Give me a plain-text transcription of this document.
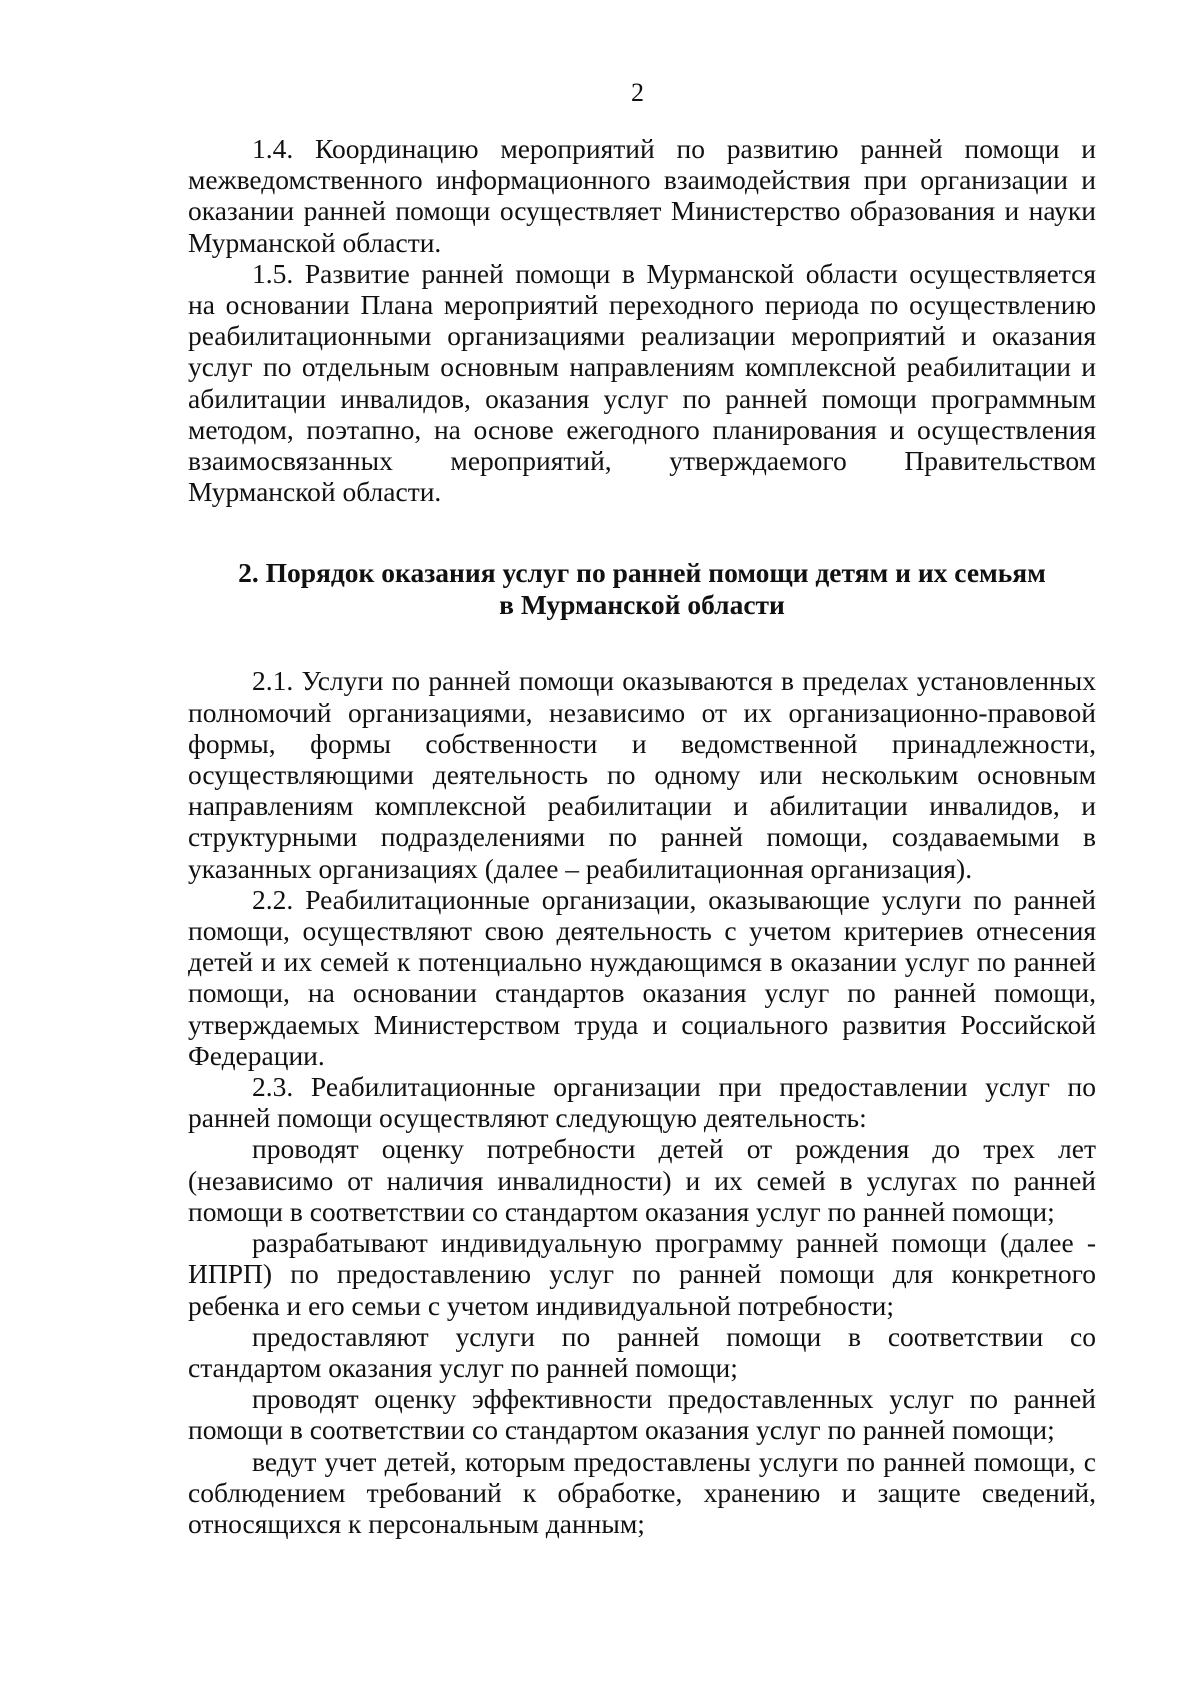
2

1.4. Координацию мероприятий по развитию ранней помощи и межведомственного информационного взаимодействия при организации и оказании ранней помощи осуществляет Министерство образования и науки Мурманской области.

1.5. Развитие ранней помощи в Мурманской области осуществляется на основании Плана мероприятий переходного периода по осуществлению реабилитационными организациями реализации мероприятий и оказания услуг по отдельным основным направлениям комплексной реабилитации и абилитации инвалидов, оказания услуг по ранней помощи программным методом, поэтапно, на основе ежегодного планирования и осуществления взаимосвязанных мероприятий, утверждаемого Правительством Мурманской области.

2. Порядок оказания услуг по ранней помощи детям и их семьям
в Мурманской области

2.1. Услуги по ранней помощи оказываются в пределах установленных полномочий организациями, независимо от их организационно-правовой формы, формы собственности и ведомственной принадлежности, осуществляющими деятельность по одному или нескольким основным направлениям комплексной реабилитации и абилитации инвалидов, и структурными подразделениями по ранней помощи, создаваемыми в указанных организациях (далее – реабилитационная организация).

2.2. Реабилитационные организации, оказывающие услуги по ранней помощи, осуществляют свою деятельность с учетом критериев отнесения детей и их семей к потенциально нуждающимся в оказании услуг по ранней помощи, на основании стандартов оказания услуг по ранней помощи, утверждаемых Министерством труда и социального развития Российской Федерации.

2.3. Реабилитационные организации при предоставлении услуг по ранней помощи осуществляют следующую деятельность:

проводят оценку потребности детей от рождения до трех лет (независимо от наличия инвалидности) и их семей в услугах по ранней помощи в соответствии со стандартом оказания услуг по ранней помощи;

разрабатывают индивидуальную программу ранней помощи (далее - ИПРП) по предоставлению услуг по ранней помощи для конкретного ребенка и его семьи с учетом индивидуальной потребности;

предоставляют услуги по ранней помощи в соответствии со стандартом оказания услуг по ранней помощи;

проводят оценку эффективности предоставленных услуг по ранней помощи в соответствии со стандартом оказания услуг по ранней помощи;

ведут учет детей, которым предоставлены услуги по ранней помощи, с соблюдением требований к обработке, хранению и защите сведений, относящихся к персональным данным;
